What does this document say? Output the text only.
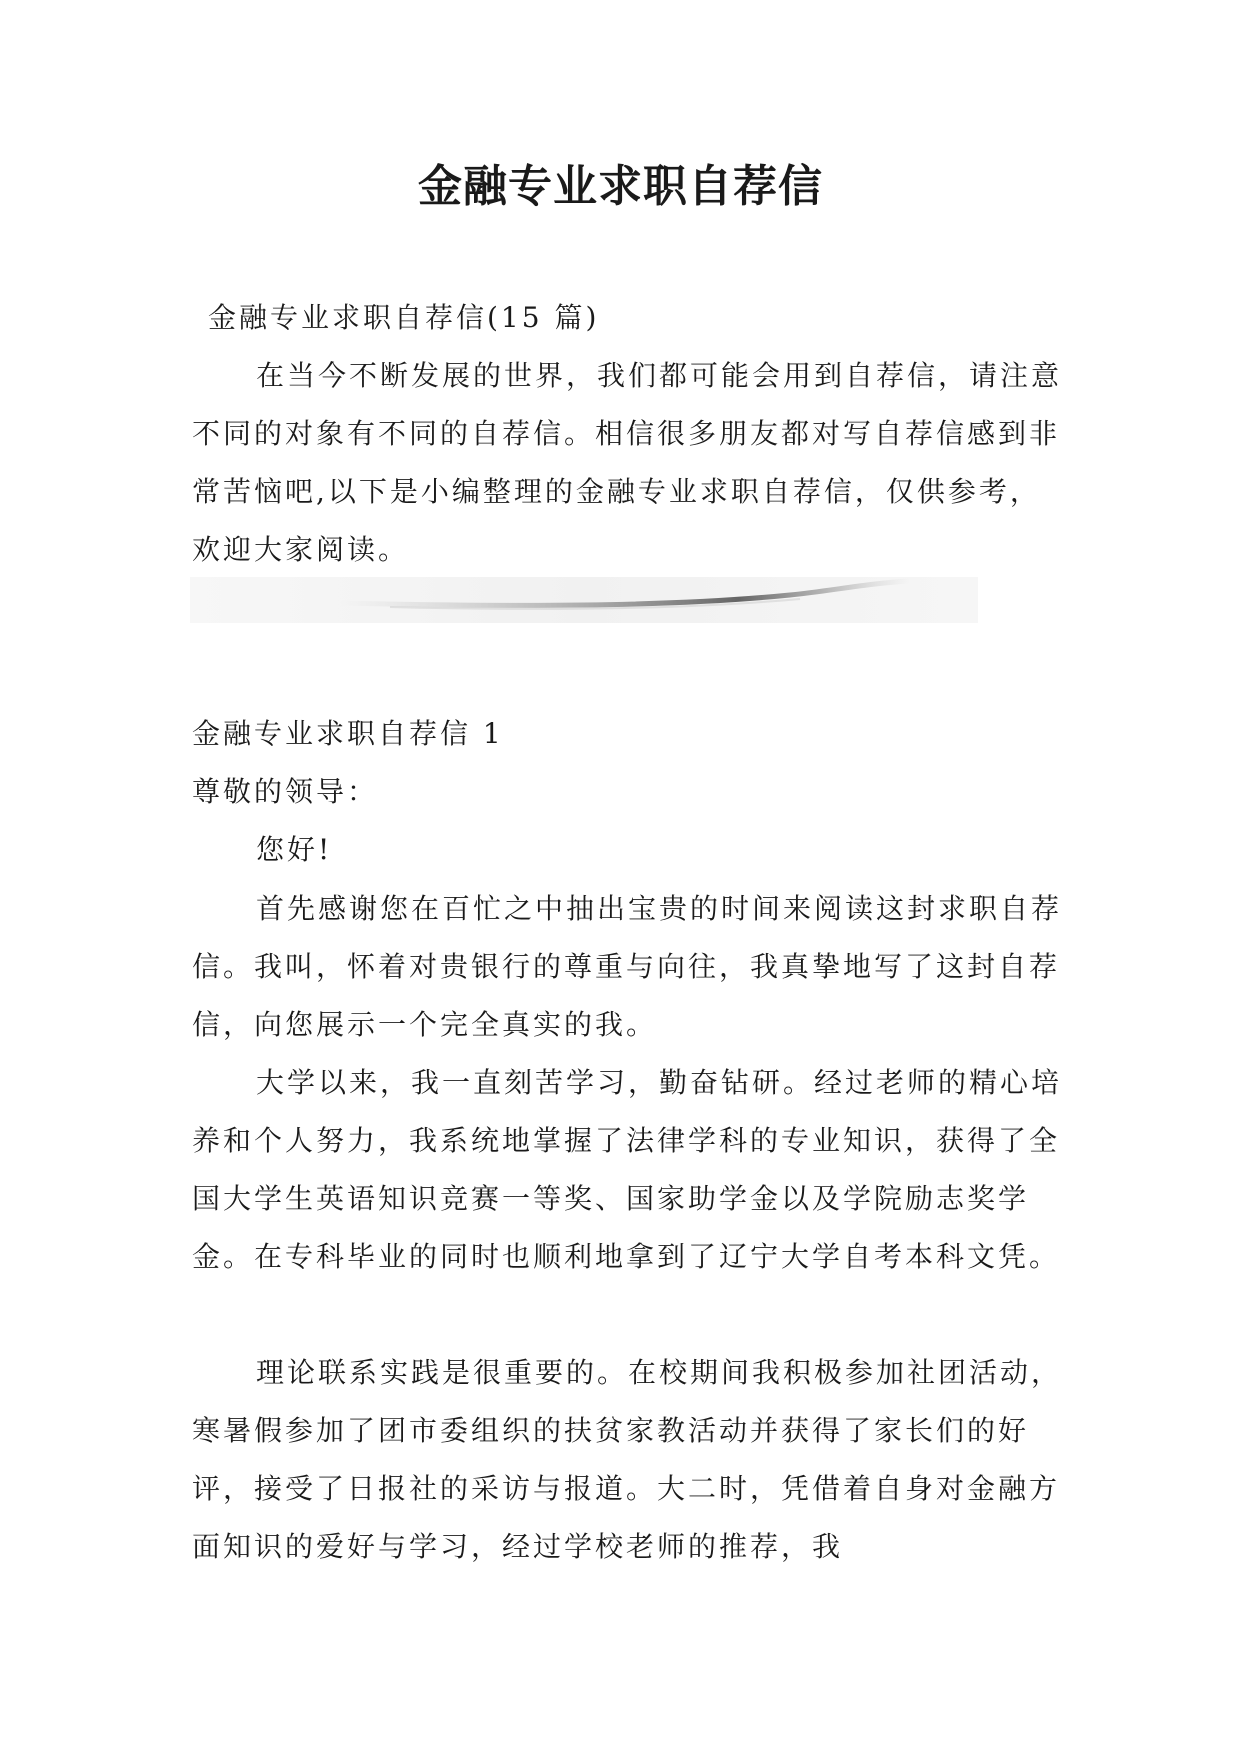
金融专业求职自荐信

金融专业求职自荐信(15 篇)

在当今不断发展的世界，我们都可能会用到自荐信，请注意不同的对象有不同的自荐信。相信很多朋友都对写自荐信感到非常苦恼吧,以下是小编整理的金融专业求职自荐信，仅供参考，欢迎大家阅读。

金融专业求职自荐信 1

尊敬的领导：

您好!

首先感谢您在百忙之中抽出宝贵的时间来阅读这封求职自荐信。我叫，怀着对贵银行的尊重与向往，我真挚地写了这封自荐信，向您展示一个完全真实的我。

大学以来，我一直刻苦学习，勤奋钻研。经过老师的精心培养和个人努力，我系统地掌握了法律学科的专业知识，获得了全国大学生英语知识竞赛一等奖、国家助学金以及学院励志奖学金。在专科毕业的同时也顺利地拿到了辽宁大学自考本科文凭。

理论联系实践是很重要的。在校期间我积极参加社团活动，寒暑假参加了团市委组织的扶贫家教活动并获得了家长们的好评，接受了日报社的采访与报道。大二时，凭借着自身对金融方面知识的爱好与学习，经过学校老师的推荐，我
